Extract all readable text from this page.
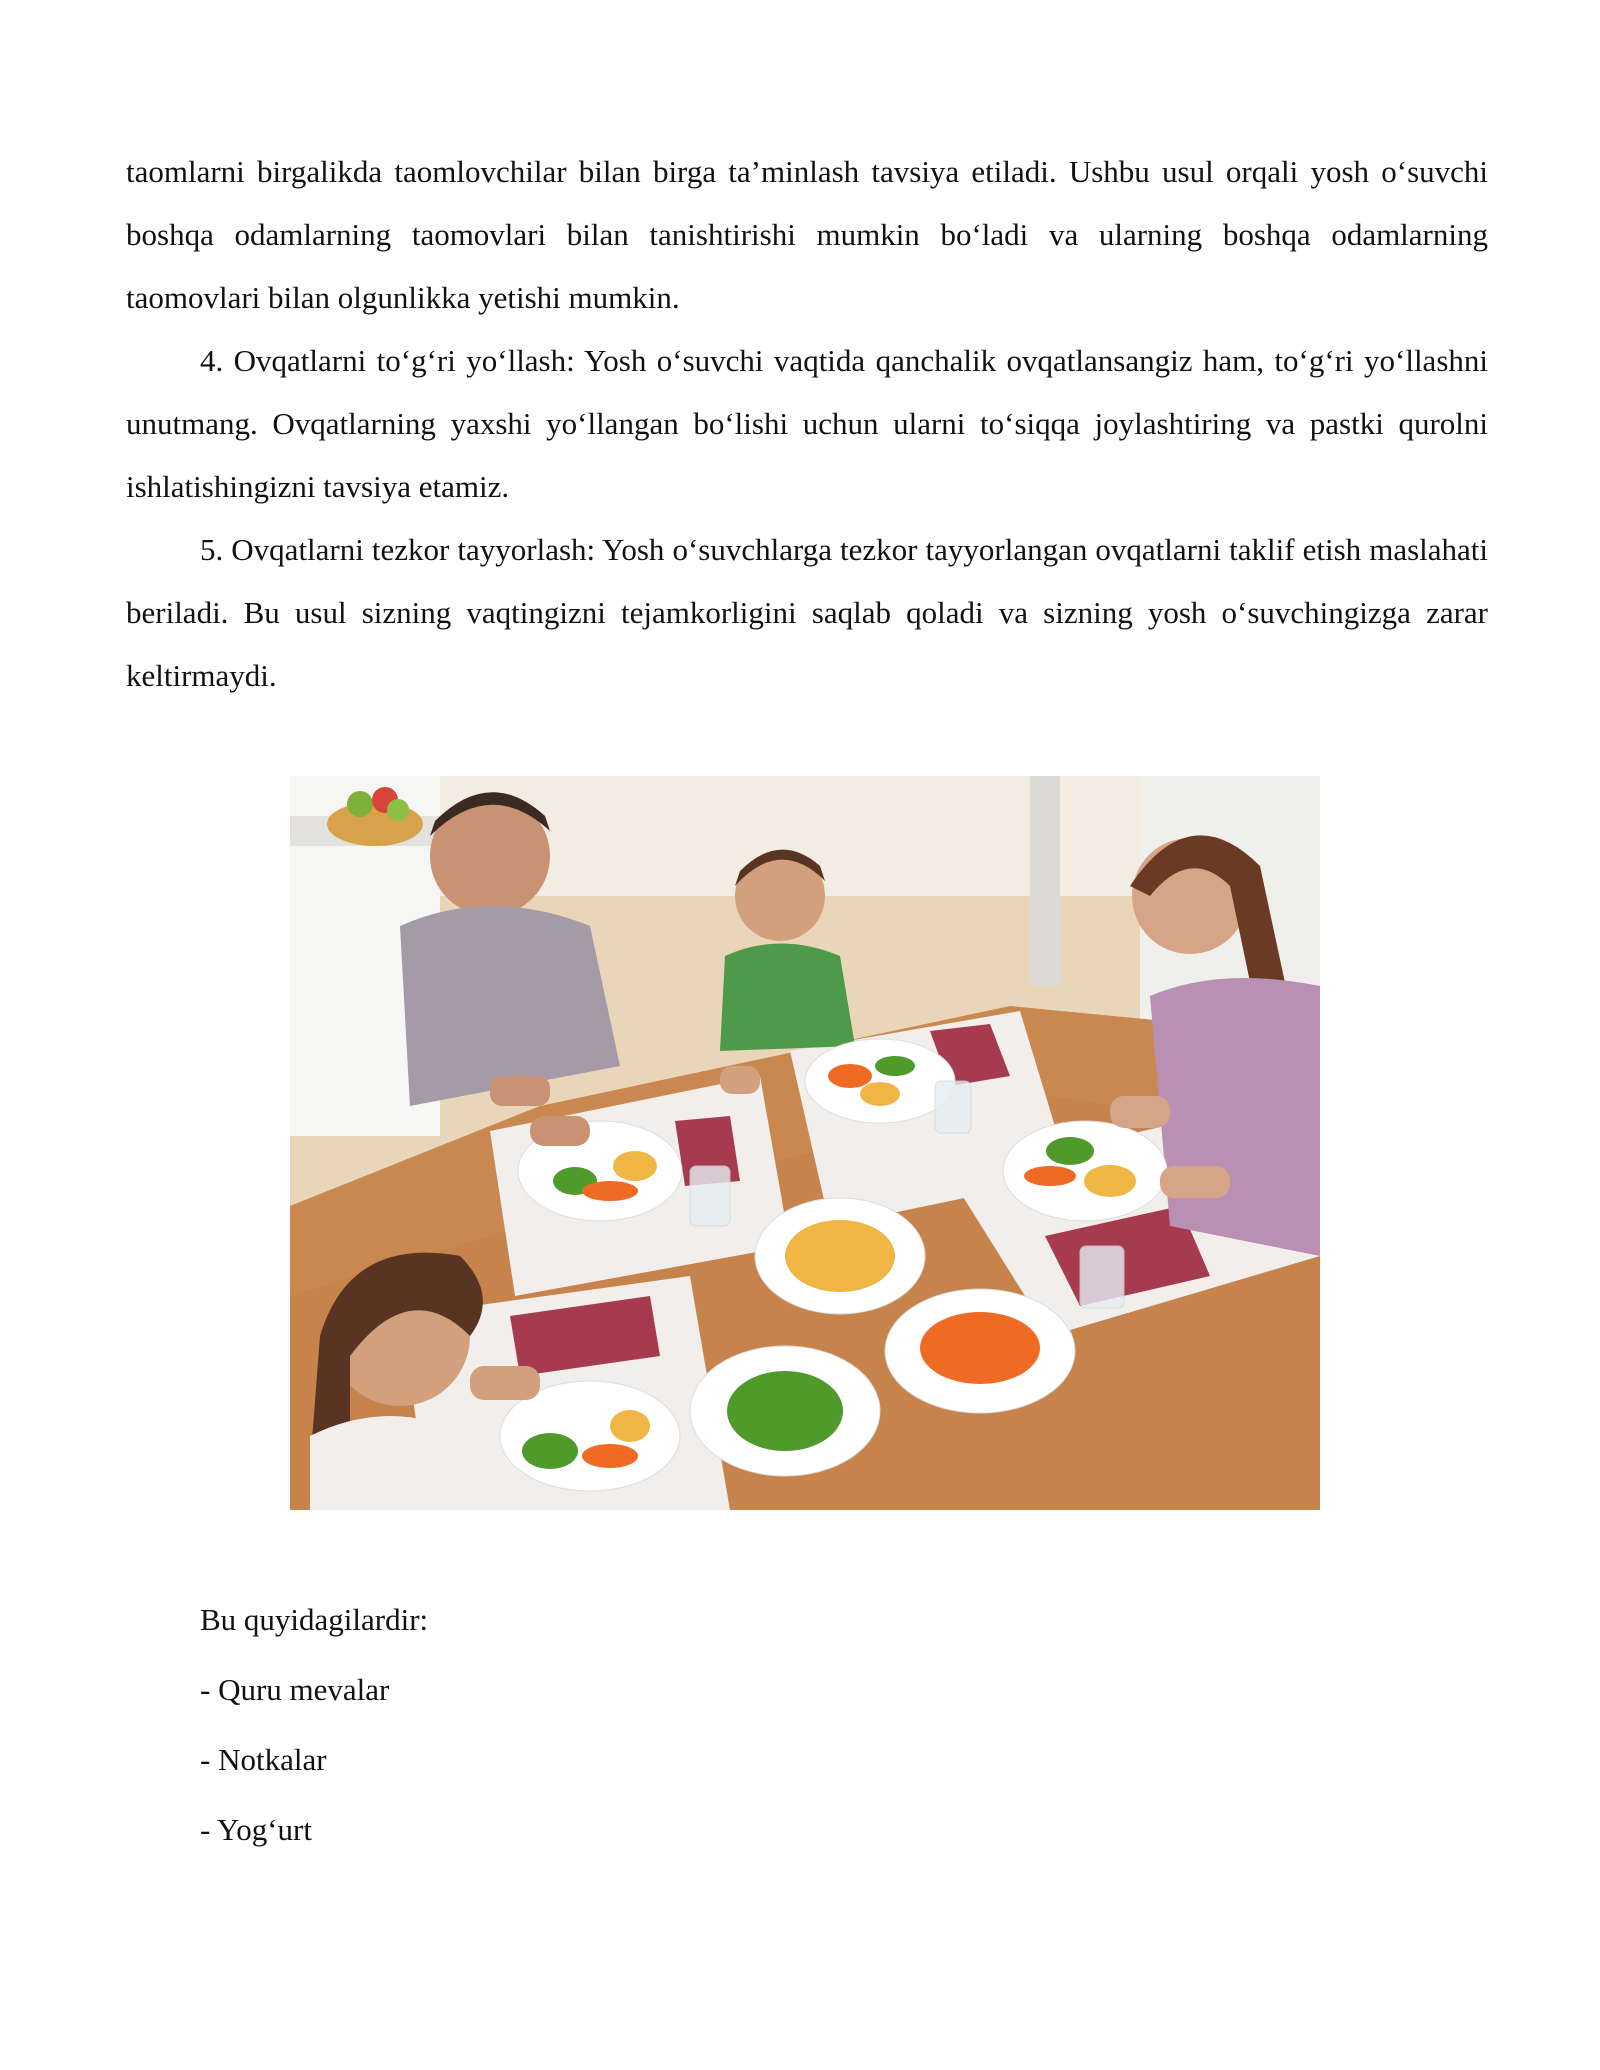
taomlarni birgalikda taomlovchilar bilan birga ta’minlash tavsiya etiladi. Ushbu usul orqali yosh o‘suvchi boshqa odamlarning taomovlari bilan tanishtirishi mumkin bo‘ladi va ularning boshqa odamlarning taomovlari bilan olgunlikka yetishi mumkin.

4. Ovqatlarni to‘g‘ri yo‘llash: Yosh o‘suvchi vaqtida qanchalik ovqatlansangiz ham, to‘g‘ri yo‘llashni unutmang. Ovqatlarning yaxshi yo‘llangan bo‘lishi uchun ularni to‘siqqa joylashtiring va pastki qurolni ishlatishingizni tavsiya etamiz.

5. Ovqatlarni tezkor tayyorlash: Yosh o‘suvchlarga tezkor tayyorlangan ovqatlarni taklif etish maslahati beriladi. Bu usul sizning vaqtingizni tejamkorligini saqlab qoladi va sizning yosh o‘suvchingizga zarar keltirmaydi.

Bu quyidagilardir:
- Quru mevalar
- Notkalar
- Yog‘urt
